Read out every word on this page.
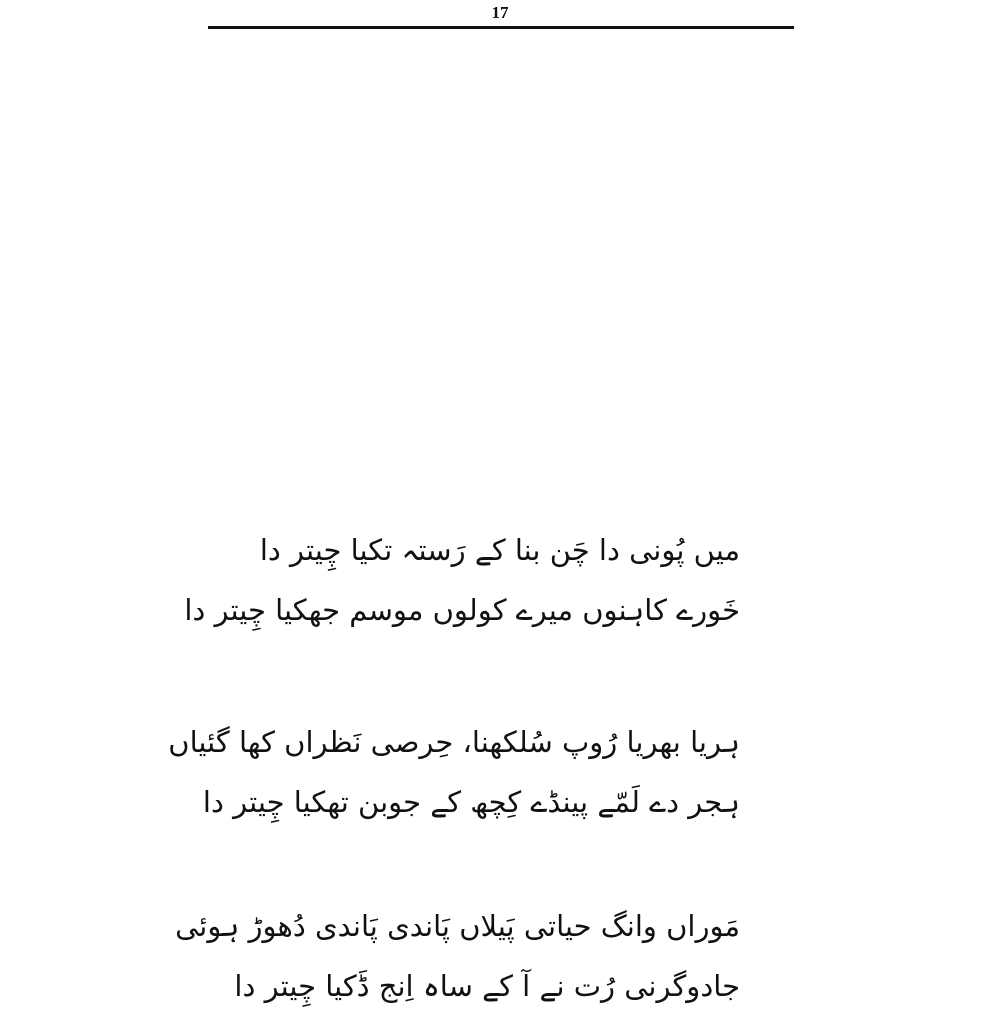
17
میں پُونی دا چَن بنا کے رَستہ تکیا چِیتر دا
خَورے کاہنوں میرے کولوں موسم جھکیا چِیتر دا
ہریا بھریا رُوپ سُلکھنا، حِرصی نَظراں کھا گئیاں
ہجر دے لَمّے پینڈے کِچھ کے جوبن تھکیا چِیتر دا
مَوراں وانگ حیاتی پَیلاں پَاندی پَاندی دُھوڑ ہوئی
جادوگرنی رُت نے آ کے ساہ اِنج ڈَکیا چِیتر دا
